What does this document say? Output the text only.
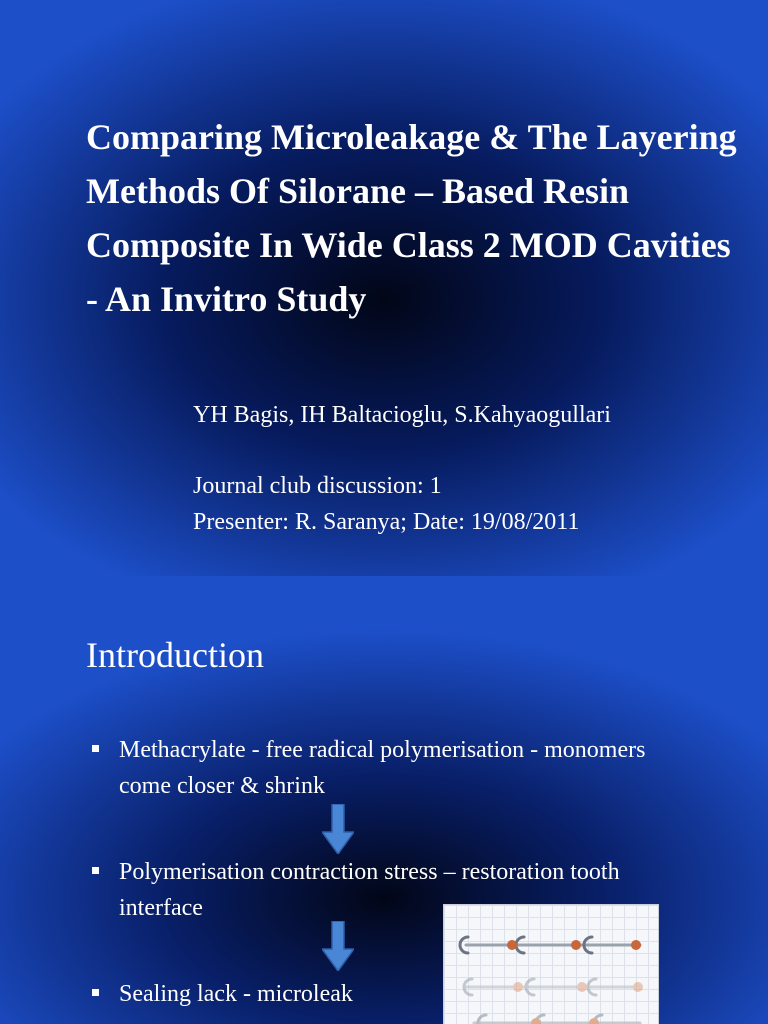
Comparing Microleakage & The Layering Methods Of Silorane – Based Resin Composite In Wide Class 2 MOD Cavities - An Invitro Study
YH Bagis, IH Baltacioglu, S.Kahyaogullari
Journal club discussion: 1
Presenter: R. Saranya; Date: 19/08/2011
Introduction
Methacrylate - free radical polymerisation - monomers come closer & shrink
Polymerisation contraction stress – restoration tooth interface
Sealing lack - microleak
